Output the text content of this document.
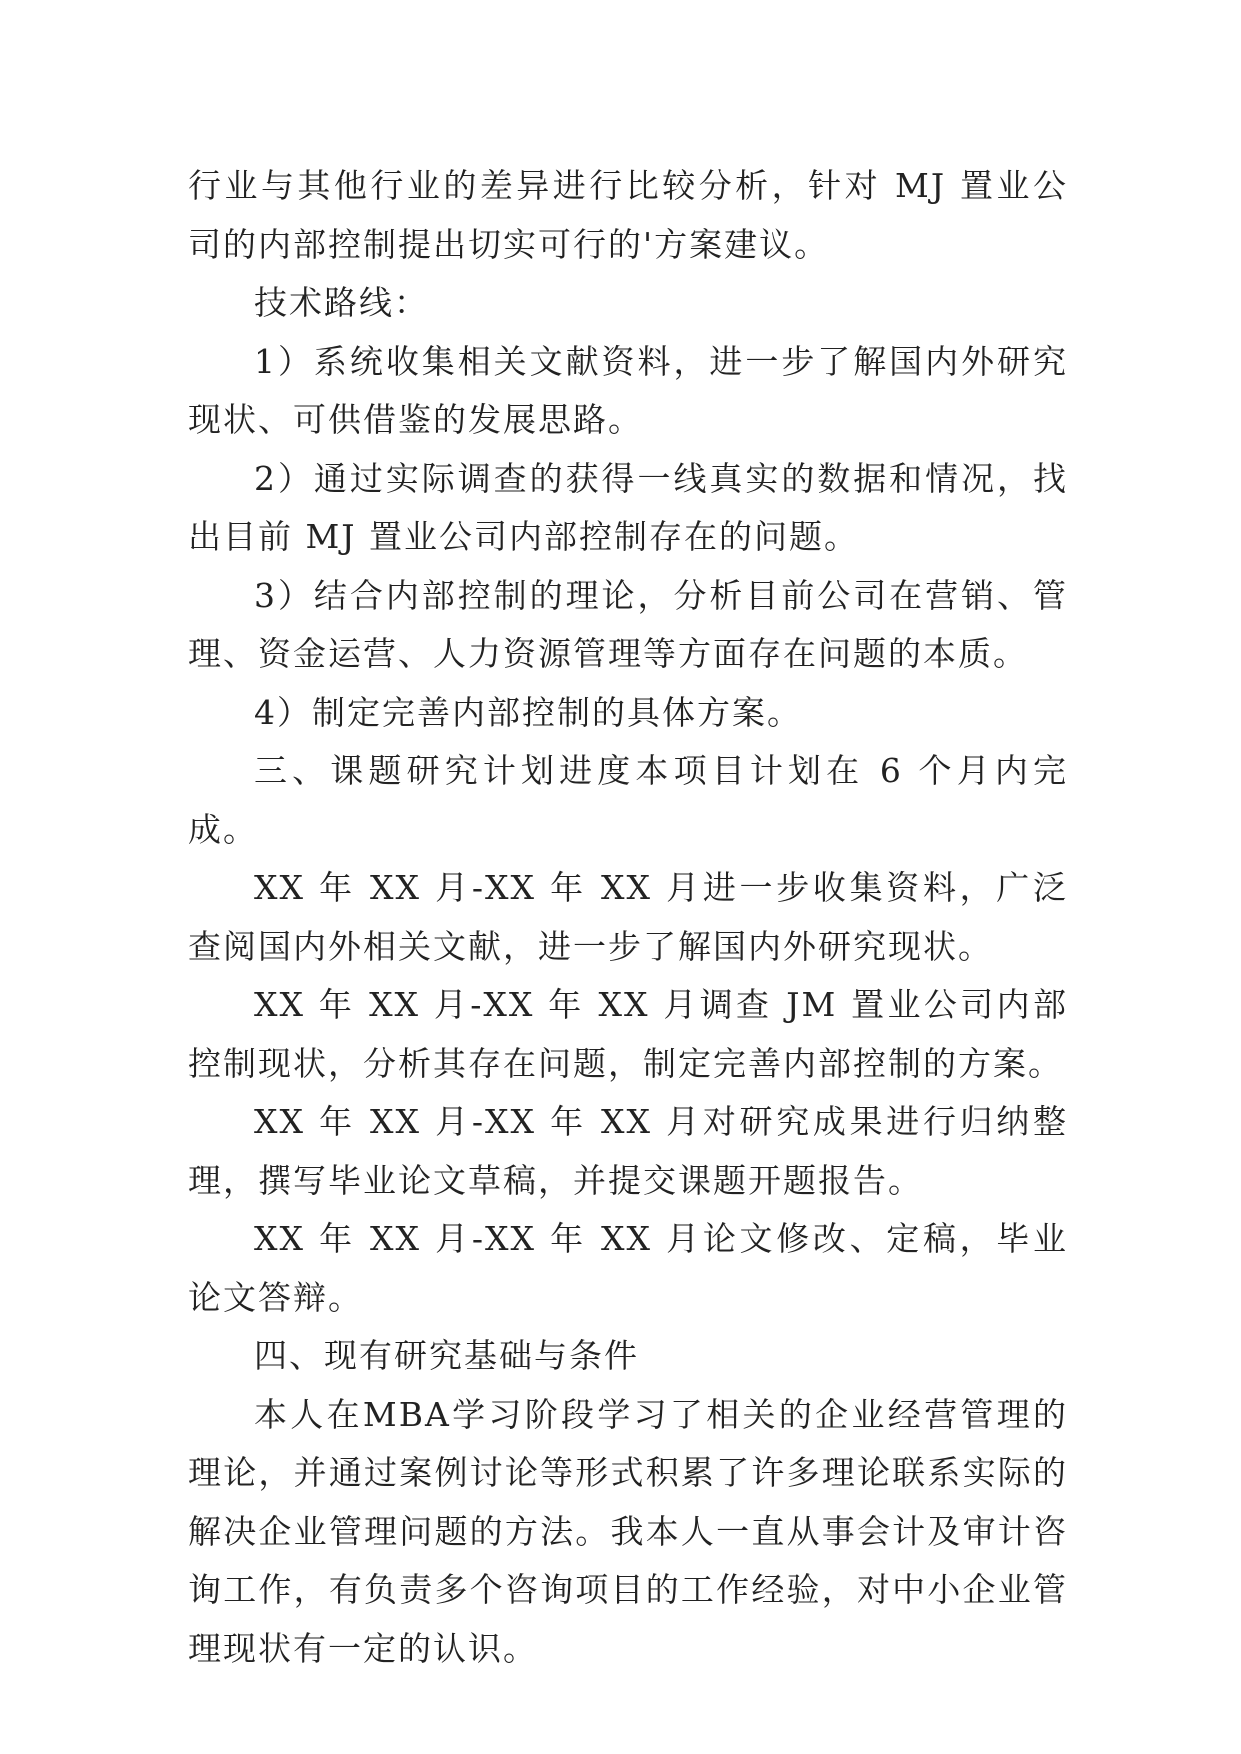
行业与其他行业的差异进行比较分析，针对 MJ 置业公司的内部控制提出切实可行的'方案建议。

技术路线：

1）系统收集相关文献资料，进一步了解国内外研究现状、可供借鉴的发展思路。

2）通过实际调查的获得一线真实的数据和情况，找出目前 MJ 置业公司内部控制存在的问题。

3）结合内部控制的理论，分析目前公司在营销、管理、资金运营、人力资源管理等方面存在问题的本质。

4）制定完善内部控制的具体方案。

三、课题研究计划进度本项目计划在 6 个月内完成。

XX 年 XX 月-XX 年 XX 月进一步收集资料，广泛查阅国内外相关文献，进一步了解国内外研究现状。

XX 年 XX 月-XX 年 XX 月调查 JM 置业公司内部控制现状，分析其存在问题，制定完善内部控制的方案。

XX 年 XX 月-XX 年 XX 月对研究成果进行归纳整理，撰写毕业论文草稿，并提交课题开题报告。

XX 年 XX 月-XX 年 XX 月论文修改、定稿，毕业论文答辩。

四、现有研究基础与条件

本人在MBA学习阶段学习了相关的企业经营管理的理论，并通过案例讨论等形式积累了许多理论联系实际的解决企业管理问题的方法。我本人一直从事会计及审计咨询工作，有负责多个咨询项目的工作经验，对中小企业管理现状有一定的认识。
